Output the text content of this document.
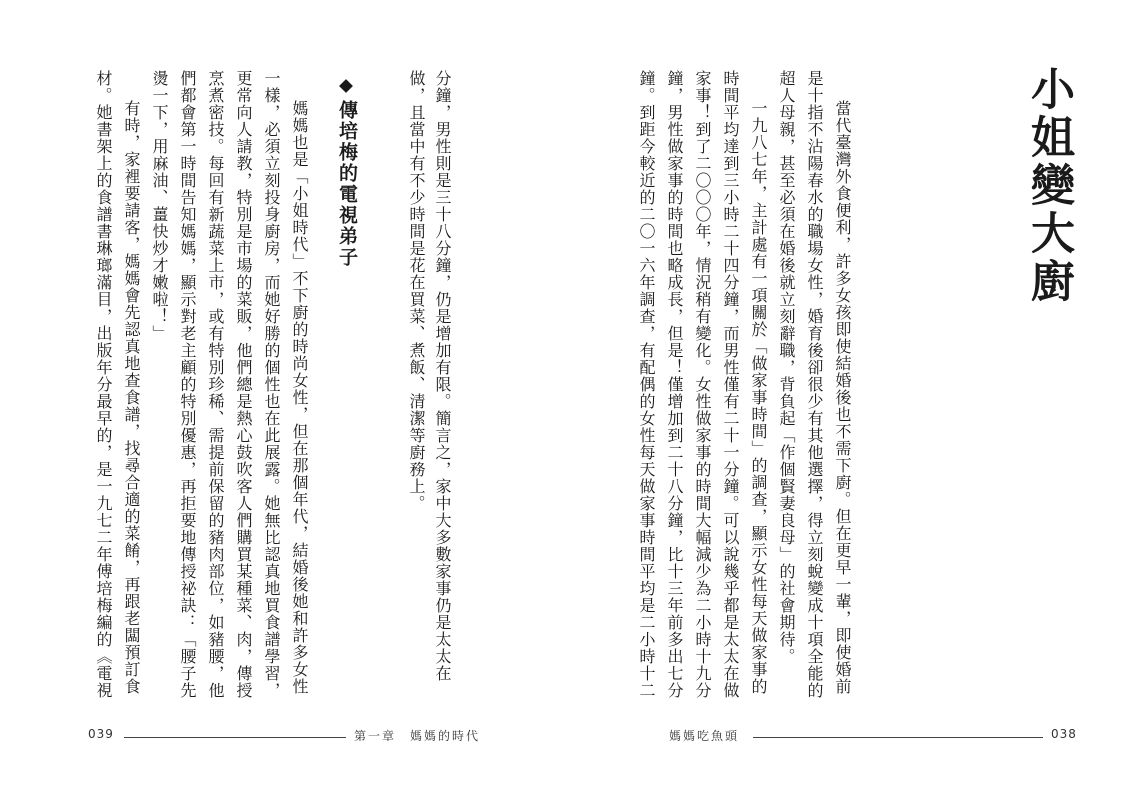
分鐘，男性則是三十八分鐘，仍是增加有限。簡言之，家中大多數家事仍是太太在
做，且當中有不少時間是花在買菜、煮飯、清潔等廚務上。
傳培梅的電視弟子
媽媽也是「小姐時代」不下廚的時尚女性，但在那個年代，結婚後她和許多女性
一樣，必須立刻投身廚房，而她好勝的個性也在此展露。她無比認真地買食譜學習，
更常向人請教，特別是市場的菜販，他們總是熱心鼓吹客人們購買某種菜、肉，傳授
烹煮密技。每回有新蔬菜上市，或有特別珍稀、需提前保留的豬肉部位，如豬腰，他
們都會第一時間告知媽媽，顯示對老主顧的特別優惠，再拒要地傳授祕訣：「腰子先
燙一下，用麻油、薑快炒才嫩啦！」
有時，家裡要請客，媽媽會先認真地查食譜，找尋合適的菜餚，再跟老闆預訂食
材。她書架上的食譜書琳瑯滿目，出版年分最早的，是一九七二年傅培梅編的《電視
039	第一章　媽媽的時代
小姐變大廚
當代臺灣外食便利，許多女孩即使結婚後也不需下廚。但在更早一輩，即使婚前
是十指不沾陽春水的職場女性，婚育後卻很少有其他選擇，得立刻蛻變成十項全能的
超人母親，甚至必須在婚後就立刻辭職，背負起「作個賢妻良母」的社會期待。
一九八七年，主計處有一項關於「做家事時間」的調查，顯示女性每天做家事的
時間平均達到三小時二十四分鐘，而男性僅有二十一分鐘。可以說幾乎都是太太在做
家事！到了二〇〇〇年，情況稍有變化。女性做家事的時間大幅減少為二小時十九分
鐘，男性做家事的時間也略成長，但是！僅增加到二十八分鐘，比十三年前多出七分
鐘。到距今較近的二〇一六年調查，有配偶的女性每天做家事時間平均是二小時十二
媽媽吃魚頭	038
